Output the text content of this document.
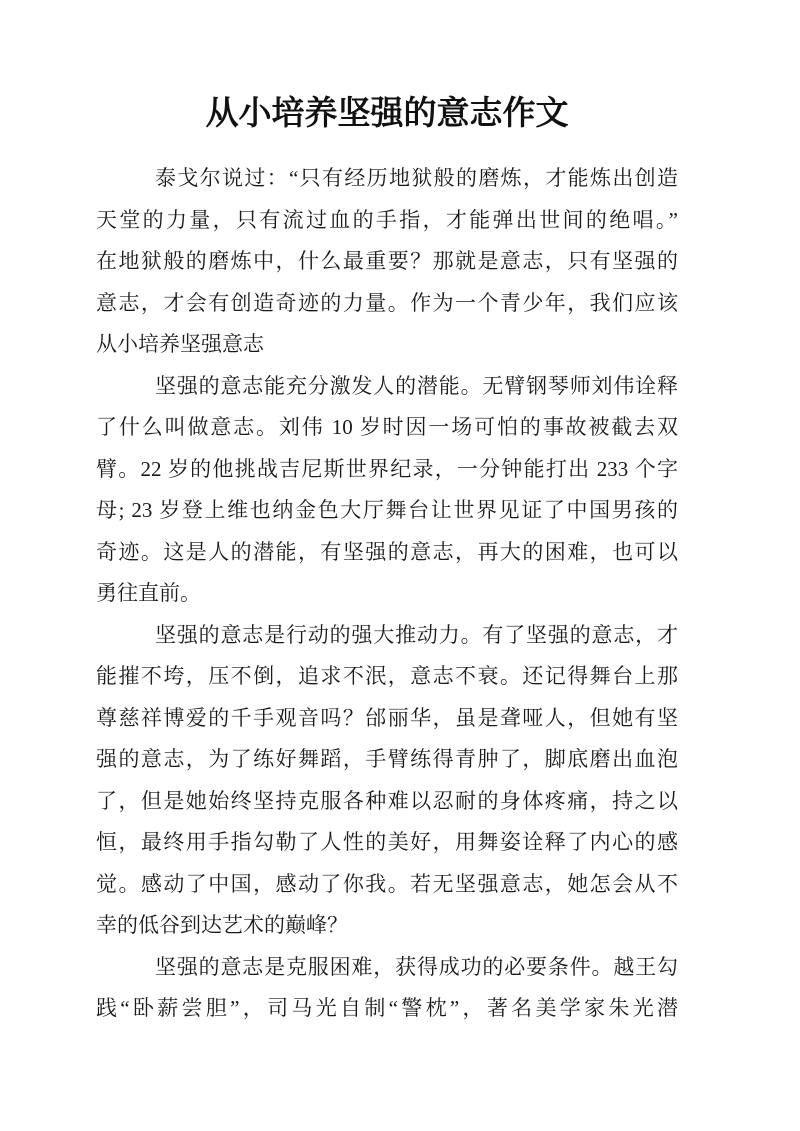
从小培养坚强的意志作文
泰戈尔说过：“只有经历地狱般的磨炼，才能炼出创造
天堂的力量，只有流过血的手指，才能弹出世间的绝唱。”
在地狱般的磨炼中，什么最重要？那就是意志，只有坚强的
意志，才会有创造奇迹的力量。作为一个青少年，我们应该
从小培养坚强意志
坚强的意志能充分激发人的潜能。无臂钢琴师刘伟诠释
了什么叫做意志。刘伟 10 岁时因一场可怕的事故被截去双
臂。22 岁的他挑战吉尼斯世界纪录，一分钟能打出 233 个字
母; 23 岁登上维也纳金色大厅舞台让世界见证了中国男孩的
奇迹。这是人的潜能，有坚强的意志，再大的困难，也可以
勇往直前。
坚强的意志是行动的强大推动力。有了坚强的意志，才
能摧不垮，压不倒，追求不泯，意志不衰。还记得舞台上那
尊慈祥博爱的千手观音吗？邰丽华，虽是聋哑人，但她有坚
强的意志，为了练好舞蹈，手臂练得青肿了，脚底磨出血泡
了，但是她始终坚持克服各种难以忍耐的身体疼痛，持之以
恒，最终用手指勾勒了人性的美好，用舞姿诠释了内心的感
觉。感动了中国，感动了你我。若无坚强意志，她怎会从不
幸的低谷到达艺术的巅峰？
坚强的意志是克服困难，获得成功的必要条件。越王勾
践“卧薪尝胆”，司马光自制“警枕”，著名美学家朱光潜
